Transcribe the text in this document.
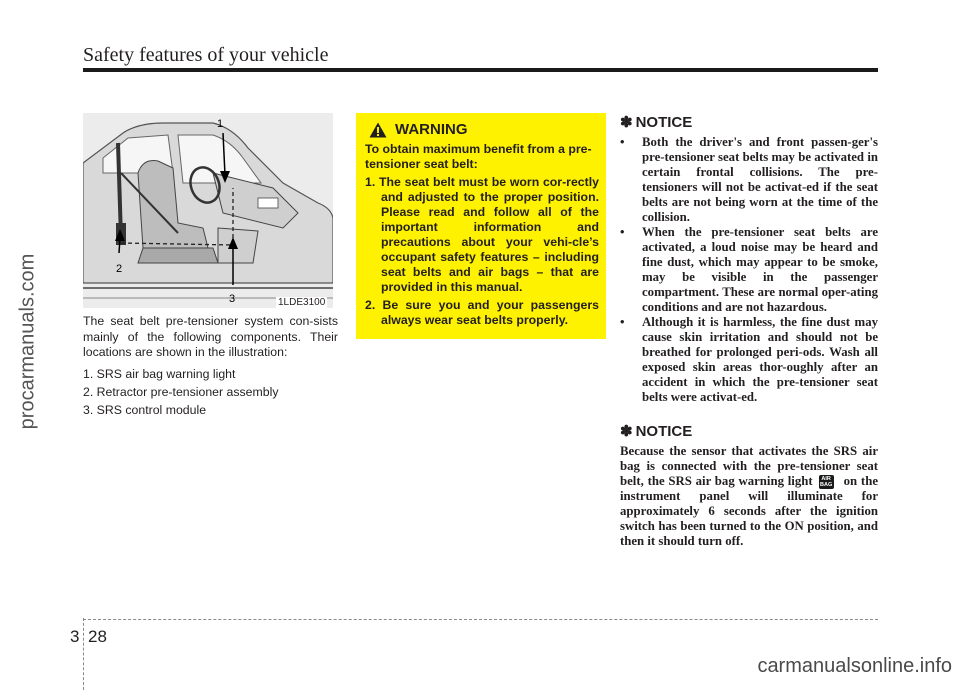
Safety features of your vehicle
procarmanuals.com
1
2
3	1LDE3100

The seat belt pre-tensioner system con-sists mainly of the following components. Their locations are shown in the illustration:

1. SRS air bag warning light
2. Retractor pre-tensioner assembly
3. SRS control module
WARNING

To obtain maximum benefit from a pre-tensioner seat belt:

1. The seat belt must be worn cor-rectly and adjusted to the proper position. Please read and follow all of the important information and precautions about your vehi-cle’s occupant safety features – including seat belts and air bags – that are provided in this manual.
2. Be sure you and your passengers always wear seat belts properly.
✽ NOTICE
• Both the driver's and front passen-ger's pre-tensioner seat belts may be activated in certain frontal collisions. The pre-tensioners will not be activat-ed if the seat belts are not being worn at the time of the collision.
• When the pre-tensioner seat belts are activated, a loud noise may be heard and fine dust, which may appear to be smoke, may be visible in the passenger compartment. These are normal oper-ating conditions and are not hazardous.
• Although it is harmless, the fine dust may cause skin irritation and should not be breathed for prolonged peri-ods. Wash all exposed skin areas thor-oughly after an accident in which the pre-tensioner seat belts were activat-ed.
✽ NOTICE

Because the sensor that activates the SRS air bag is connected with the pre-tensioner seat belt, the SRS air bag warning light AIR
BAG on the instrument panel will illuminate for approximately 6 seconds after the ignition switch has been turned to the ON position, and then it should turn off.

3 28
carmanualsonline.info
